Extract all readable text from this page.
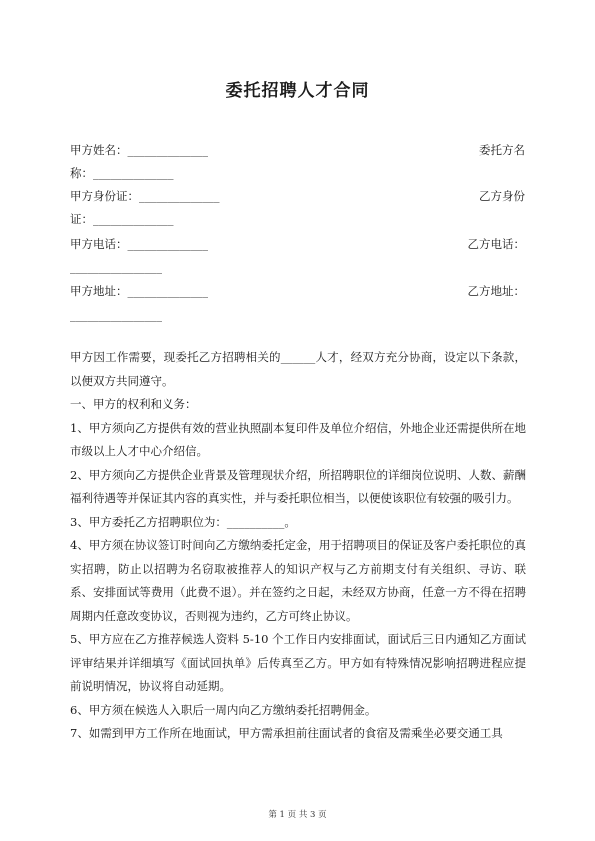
委托招聘人才合同
甲方姓名：______________	委托方名
称：______________
甲方身份证：______________	乙方身份
证：______________
甲方电话：______________	乙方电话：
________________
甲方地址：______________	乙方地址：
________________

甲方因工作需要，现委托乙方招聘相关的______人才，经双方充分协商，设定以下条款，以便双方共同遵守。

一、甲方的权利和义务：

1、甲方须向乙方提供有效的营业执照副本复印件及单位介绍信，外地企业还需提供所在地市级以上人才中心介绍信。

2、甲方须向乙方提供企业背景及管理现状介绍，所招聘职位的详细岗位说明、人数、薪酬福利待遇等并保证其内容的真实性，并与委托职位相当，以便使该职位有较强的吸引力。

3、甲方委托乙方招聘职位为：__________。

4、甲方须在协议签订时间向乙方缴纳委托定金，用于招聘项目的保证及客户委托职位的真实招聘，防止以招聘为名窃取被推荐人的知识产权与乙方前期支付有关组织、寻访、联系、安排面试等费用（此费不退）。并在签约之日起，未经双方协商，任意一方不得在招聘周期内任意改变协议，否则视为违约，乙方可终止协议。

5、甲方应在乙方推荐候选人资料 5-10 个工作日内安排面试，面试后三日内通知乙方面试评审结果并详细填写《面试回执单》后传真至乙方。甲方如有特殊情况影响招聘进程应提前说明情况，协议将自动延期。

6、甲方须在候选人入职后一周内向乙方缴纳委托招聘佣金。

7、如需到甲方工作所在地面试，甲方需承担前往面试者的食宿及需乘坐必要交通工具

第 1 页 共 3 页
